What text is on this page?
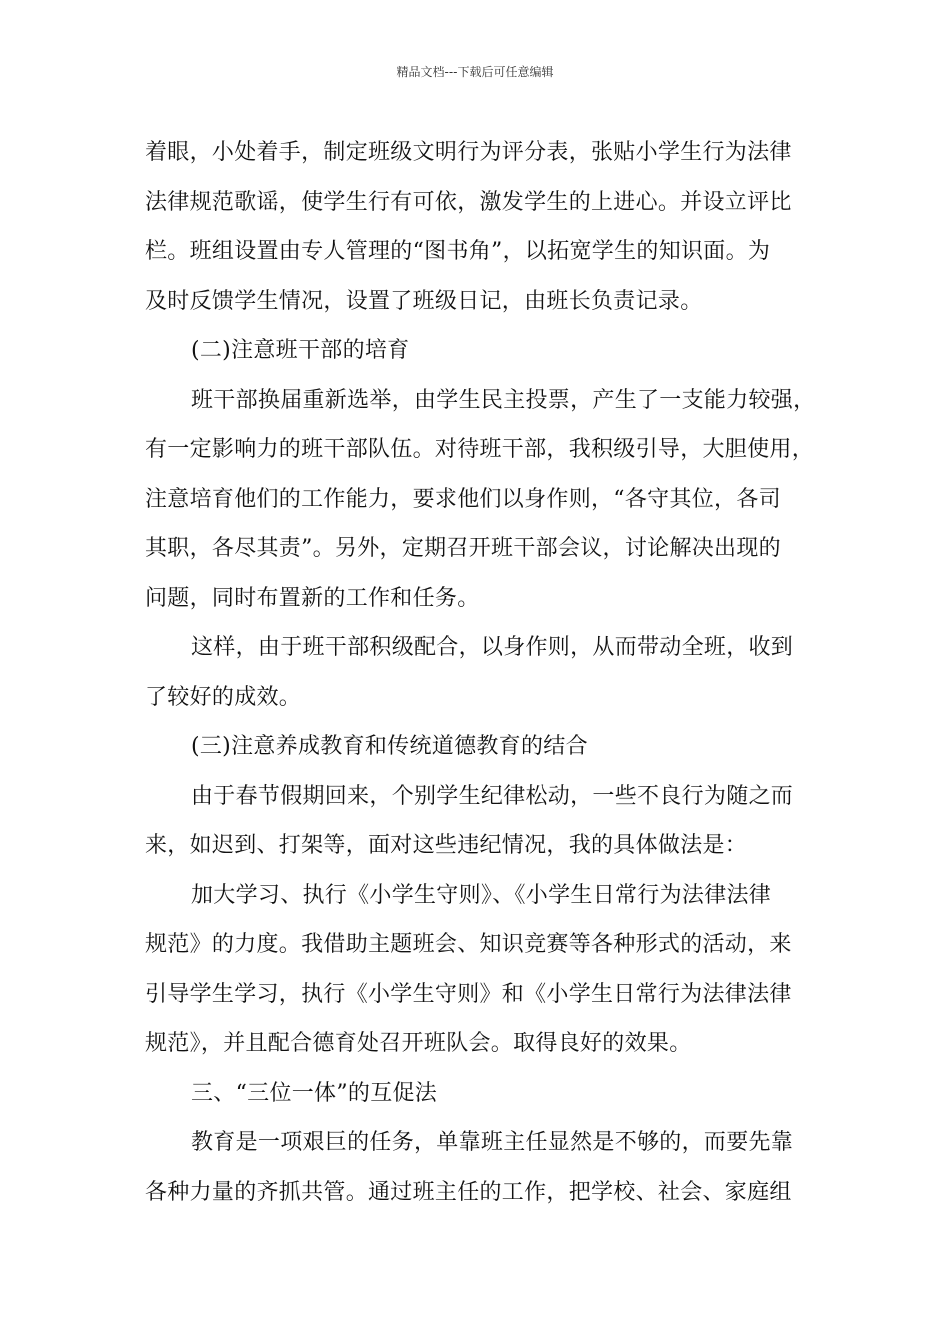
精品文档---下载后可任意编辑
着眼，小处着手，制定班级文明行为评分表，张贴小学生行为法律
法律规范歌谣，使学生行有可依，激发学生的上进心。并设立评比
栏。班组设置由专人管理的“图书角”，以拓宽学生的知识面。为
及时反馈学生情况，设置了班级日记，由班长负责记录。
(二)注意班干部的培育
班干部换届重新选举，由学生民主投票，产生了一支能力较强，
有一定影响力的班干部队伍。对待班干部，我积级引导，大胆使用，
注意培育他们的工作能力，要求他们以身作则，“各守其位，各司
其职，各尽其责”。另外，定期召开班干部会议，讨论解决出现的
问题，同时布置新的工作和任务。
这样，由于班干部积级配合，以身作则，从而带动全班，收到
了较好的成效。
(三)注意养成教育和传统道德教育的结合
由于春节假期回来，个别学生纪律松动，一些不良行为随之而
来，如迟到、打架等，面对这些违纪情况，我的具体做法是：
加大学习、执行《小学生守则》、《小学生日常行为法律法律
规范》的力度。我借助主题班会、知识竞赛等各种形式的活动，来
引导学生学习，执行《小学生守则》和《小学生日常行为法律法律
规范》，并且配合德育处召开班队会。取得良好的效果。
三、“三位一体”的互促法
教育是一项艰巨的任务，单靠班主任显然是不够的，而要先靠
各种力量的齐抓共管。通过班主任的工作，把学校、社会、家庭组
